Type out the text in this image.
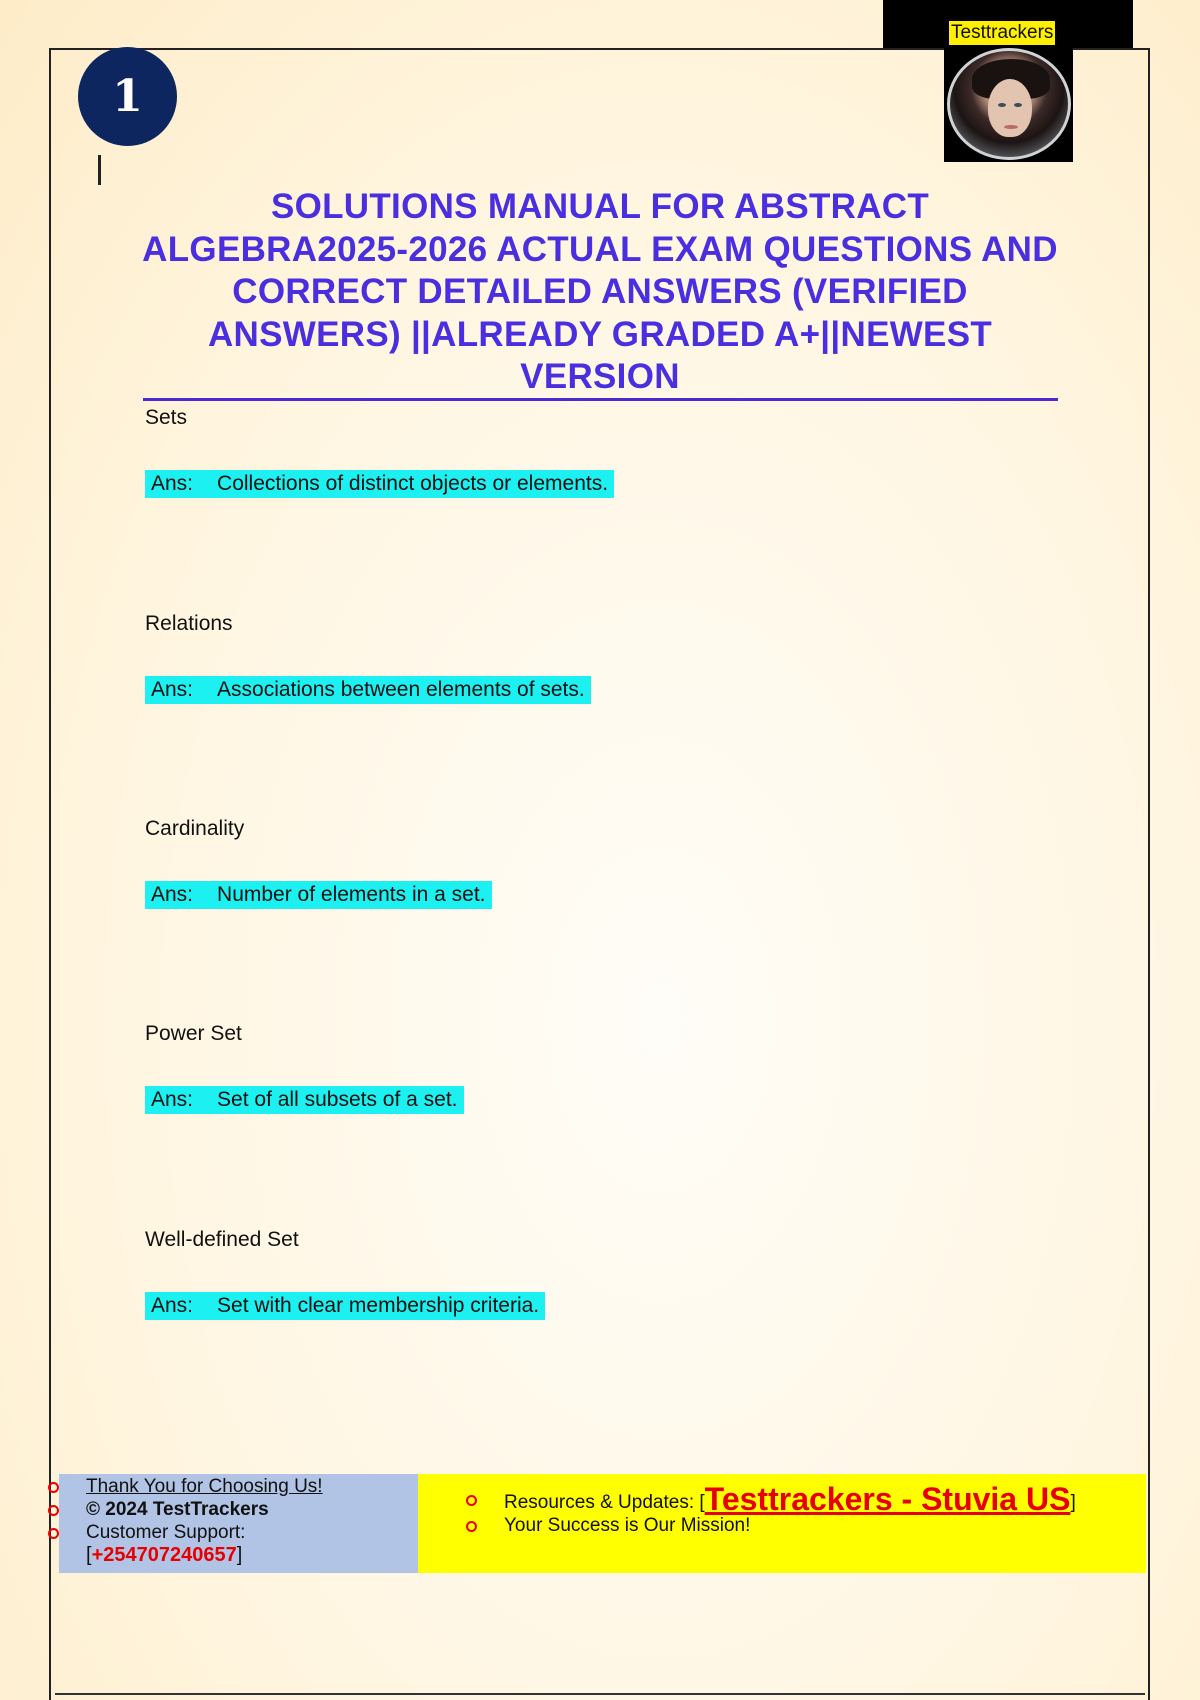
1
Testtrackers
SOLUTIONS MANUAL FOR ABSTRACT ALGEBRA2025-2026 ACTUAL EXAM QUESTIONS AND CORRECT DETAILED ANSWERS (VERIFIED ANSWERS) ||ALREADY GRADED A+||NEWEST VERSION
Sets
Ans: Collections of distinct objects or elements.
Relations
Ans: Associations between elements of sets.
Cardinality
Ans: Number of elements in a set.
Power Set
Ans: Set of all subsets of a set.
Well-defined Set
Ans: Set with clear membership criteria.
Thank You for Choosing Us!
© 2024 TestTrackers
Customer Support:
[+254707240657]
Resources & Updates: [Testtrackers - Stuvia US]
Your Success is Our Mission!
